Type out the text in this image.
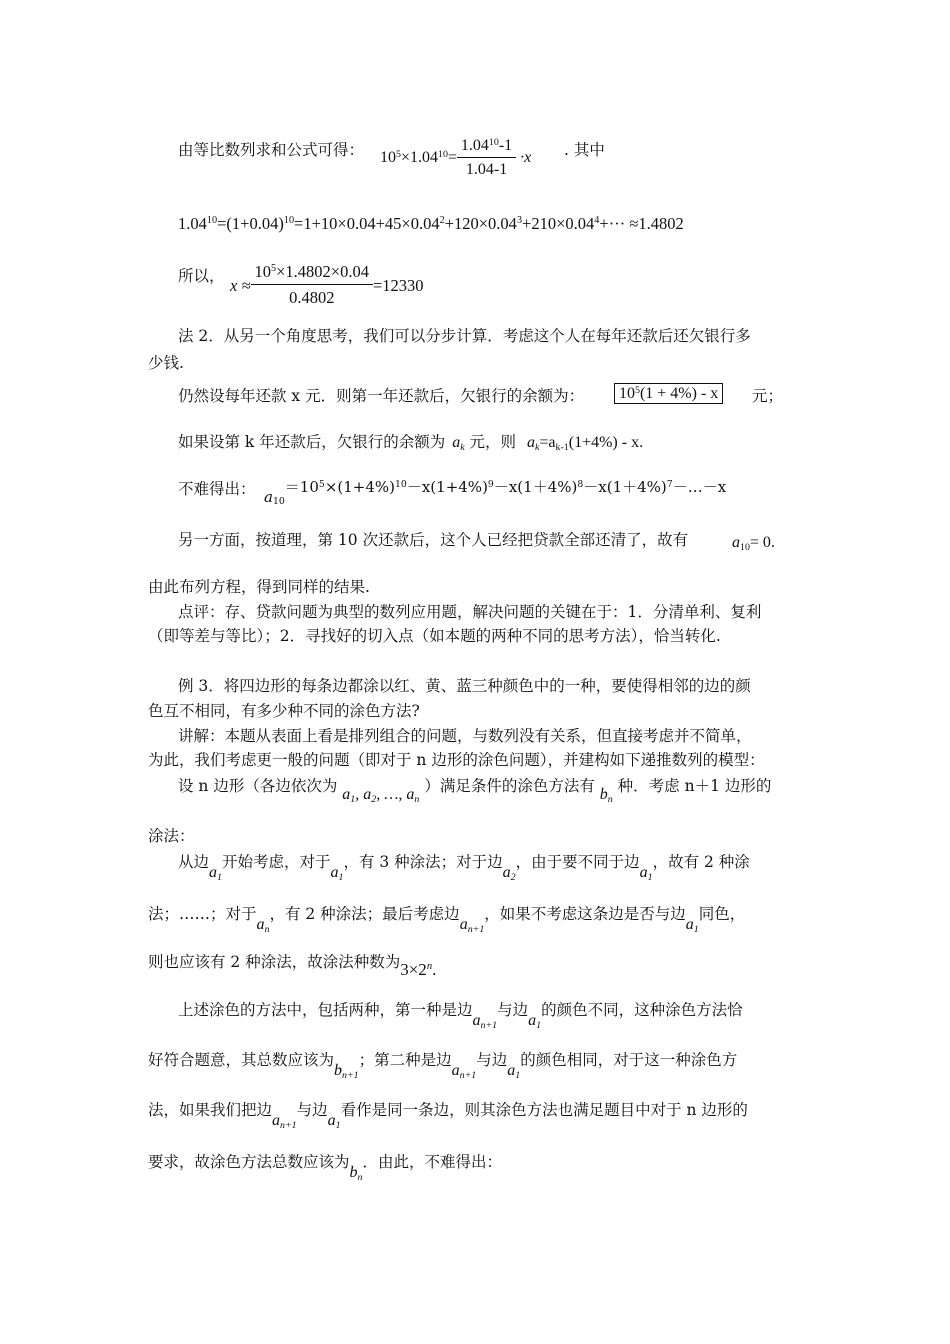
由等比数列求和公式可得： $10^5\times 1.04^{10}= \frac{1.04^{10}-1}{1.04-1} \cdot x$ . 其中
$1.04^{10}=(1+0.04)^{10}=1+10\times 0.04+45\times 0.04^2+120\times 0.04^3+210\times 0.04^4+\cdot\cdot\cdot \approx 1.4802$
所以， $x \approx \frac{10^5\times 1.4802\times 0.04}{0.4802} =12330$
法 2．从另一个角度思考，我们可以分步计算．考虑这个人在每年还款后还欠银行多
少钱.
仍然设每年还款 x 元．则第一年还款后，欠银行的余额为：	$10^5(1 + 4\%) - x$	元；
如果设第 k 年还款后，欠银行的余额为 $a_k$ 元，则 $a_k=a_{k-1}(1+4\%) - x$.
不难得出： $a_{10}=10^5\times(1+4\%)^{10}-x(1+4\%)^9-x(1+4\%)^8-x(1+4\%)^7-\dots-x$
另一方面，按道理，第 10 次还款后，这个人已经把贷款全部还清了，故有	$a_{10}= 0$.
由此布列方程，得到同样的结果.
点评：存、贷款问题为典型的数列应用题，解决问题的关键在于：1．分清单利、复利
（即等差与等比）；2．寻找好的切入点（如本题的两种不同的思考方法），恰当转化.
例 3．将四边形的每条边都涂以红、黄、蓝三种颜色中的一种，要使得相邻的边的颜
色互不相同，有多少种不同的涂色方法?
讲解：本题从表面上看是排列组合的问题，与数列没有关系，但直接考虑并不简单，
为此，我们考虑更一般的问题（即对于 n 边形的涂色问题），并建构如下递推数列的模型：
设 n 边形（各边依次为 $a_1$, $a_2$, …, $a_n$ ）满足条件的涂色方法有 $b_n$ 种．考虑 n＋1 边形的
涂法：
从边$a_1$开始考虑，对于$a_1$，有 3 种涂法；对于边$a_2$，由于要不同于边$a_1$，故有 2 种涂
法；……；对于$a_n$，有 2 种涂法；最后考虑边$a_{n+1}$，如果不考虑这条边是否与边$a_1$同色，
则也应该有 2 种涂法，故涂法种数为$3\times 2^n$.
上述涂色的方法中，包括两种，第一种是边$a_{n+1}$与边$a_1$的颜色不同，这种涂色方法恰
好符合题意，其总数应该为$b_{n+1}$；第二种是边$a_{n+1}$与边$a_1$的颜色相同，对于这一种涂色方
法，如果我们把边$a_{n+1}$与边$a_1$看作是同一条边，则其涂色方法也满足题目中对于 n 边形的
要求，故涂色方法总数应该为$b_n$．由此，不难得出：
